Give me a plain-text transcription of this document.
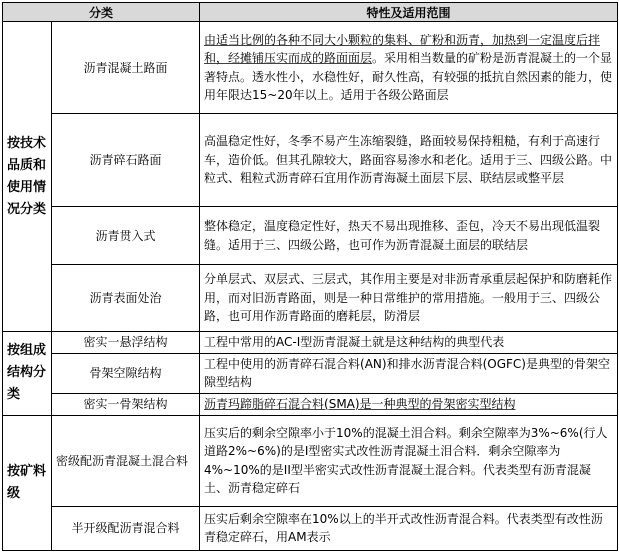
分类		特性及适用范围
按技术品质和使用情况分类	沥青混凝土路面	由适当比例的各种不同大小颗粒的集料、矿粉和沥青，加热到一定温度后拌和，经摊铺压实而成的路面面层。采用相当数量的矿粉是沥青混凝土的一个显著特点。透水性小，水稳性好，耐久性高，有较强的抵抗自然因素的能力，使用年限达15~20年以上。适用于各级公路面层
	沥青碎石路面	高温稳定性好，冬季不易产生冻缩裂缝，路面较易保持粗糙，有利于高速行车，造价低。但其孔隙较大，路面容易渗水和老化。适用于三、四级公路。中粒式、粗粒式沥青碎石宜用作沥青海凝土面层下层、联结层或整平层
	沥青贯入式	整体稳定，温度稳定性好，热天不易出现推移、歪包，冷天不易出现低温裂缝。适用于三、四级公路，也可作为沥青混凝土面层的联结层
	沥青表面处治	分单层式、双层式、三层式，其作用主要是对非沥青承重层起保护和防磨耗作用，而对旧沥青路面，则是一种日常维护的常用措施。一般用于三、四级公路，也可用作沥青路面的磨耗层，防滑层
按组成结构分类	密实一悬浮结构	工程中常用的AC-I型沥青混凝土就是这种结构的典型代表
	骨架空隙结构	工程中使用的沥青碎石混合料(AN)和排水沥青混合料(OGFC)是典型的骨架空隙型结构
	密实一骨架结构	沥青玛蹄脂碎石混合料(SMA)是一种典型的骨架密实型结构
按矿料级	密级配沥青混凝土混合料	压实后的剩余空隙率小于10%的混凝土泪合料。剩余空隙率为3%~6%(行人道路2%~6%)的是I型密实式改性沥青混凝土泪合料．剩余空隙率为4%~10%的是II型半密实式改性沥青混凝土混合料。代表类型有沥青混凝土、沥青稳定碎石
	半开级配沥青混合料	压实后剩余空隙率在10%以上的半开式改性沥青混合料。代表类型有改性沥青稳定碎石，用AM表示
